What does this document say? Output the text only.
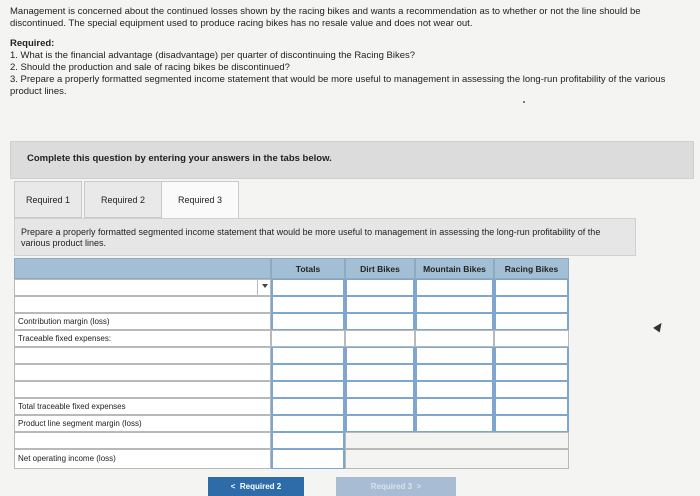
Management is concerned about the continued losses shown by the racing bikes and wants a recommendation as to whether or not the line should be discontinued. The special equipment used to produce racing bikes has no resale value and does not wear out.

Required:

1. What is the financial advantage (disadvantage) per quarter of discontinuing the Racing Bikes?

2. Should the production and sale of racing bikes be discontinued?

3. Prepare a properly formatted segmented income statement that would be more useful to management in assessing the long-run profitability of the various product lines.

Complete this question by entering your answers in the tabs below.
Required 1	Required 2	Required 3
Prepare a properly formatted segmented income statement that would be more useful to management in assessing the long-run profitability of the various product lines.
Totals	Dirt Bikes	Mountain Bikes	Racing Bikes
Contribution margin (loss)
Traceable fixed expenses:
Total traceable fixed expenses
Product line segment margin (loss)
Net operating income (loss)
<  Required 2	Required 3  >
